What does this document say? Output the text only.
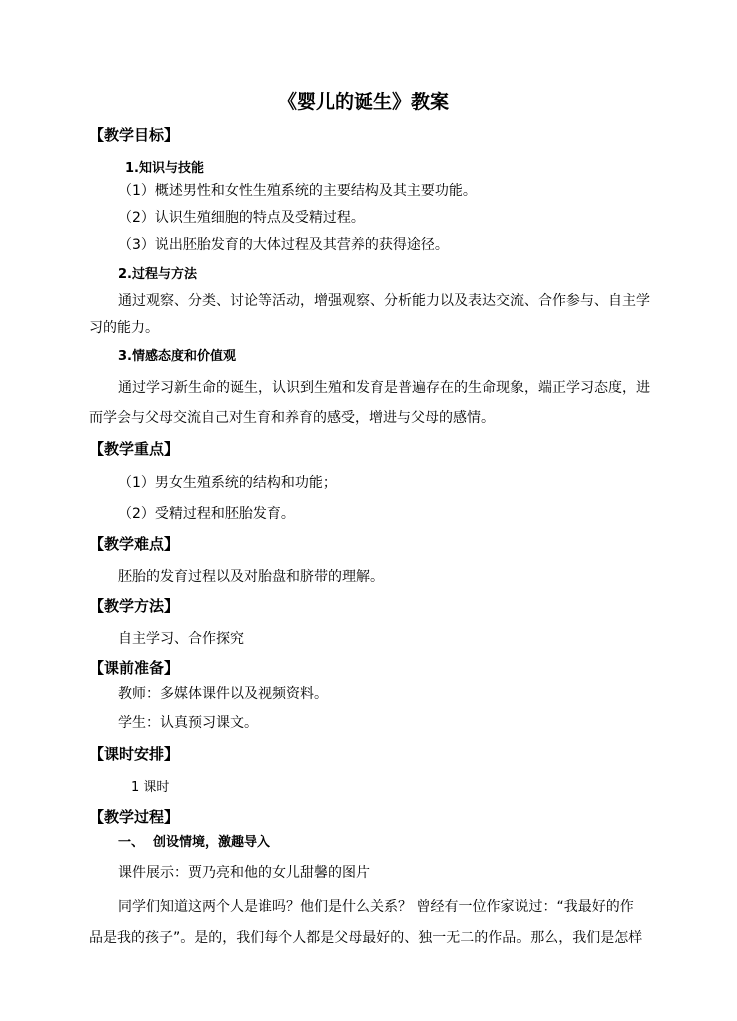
《婴儿的诞生》教案
【教学目标】
1.知识与技能
（1）概述男性和女性生殖系统的主要结构及其主要功能。
（2）认识生殖细胞的特点及受精过程。
（3）说出胚胎发育的大体过程及其营养的获得途径。
2.过程与方法
通过观察、分类、讨论等活动，增强观察、分析能力以及表达交流、合作参与、自主学
习的能力。
3.情感态度和价值观
通过学习新生命的诞生，认识到生殖和发育是普遍存在的生命现象，端正学习态度，进
而学会与父母交流自己对生育和养育的感受，增进与父母的感情。
【教学重点】
（1）男女生殖系统的结构和功能；
（2）受精过程和胚胎发育。
【教学难点】
胚胎的发育过程以及对胎盘和脐带的理解。
【教学方法】
自主学习、合作探究
【课前准备】
教师：多媒体课件以及视频资料。
学生：认真预习课文。
【课时安排】
1 课时
【教学过程】
一、  创设情境，激趣导入
课件展示：贾乃亮和他的女儿甜馨的图片
同学们知道这两个人是谁吗？他们是什么关系？ 曾经有一位作家说过：“我最好的作
品是我的孩子”。是的，我们每个人都是父母最好的、独一无二的作品。那么，我们是怎样
